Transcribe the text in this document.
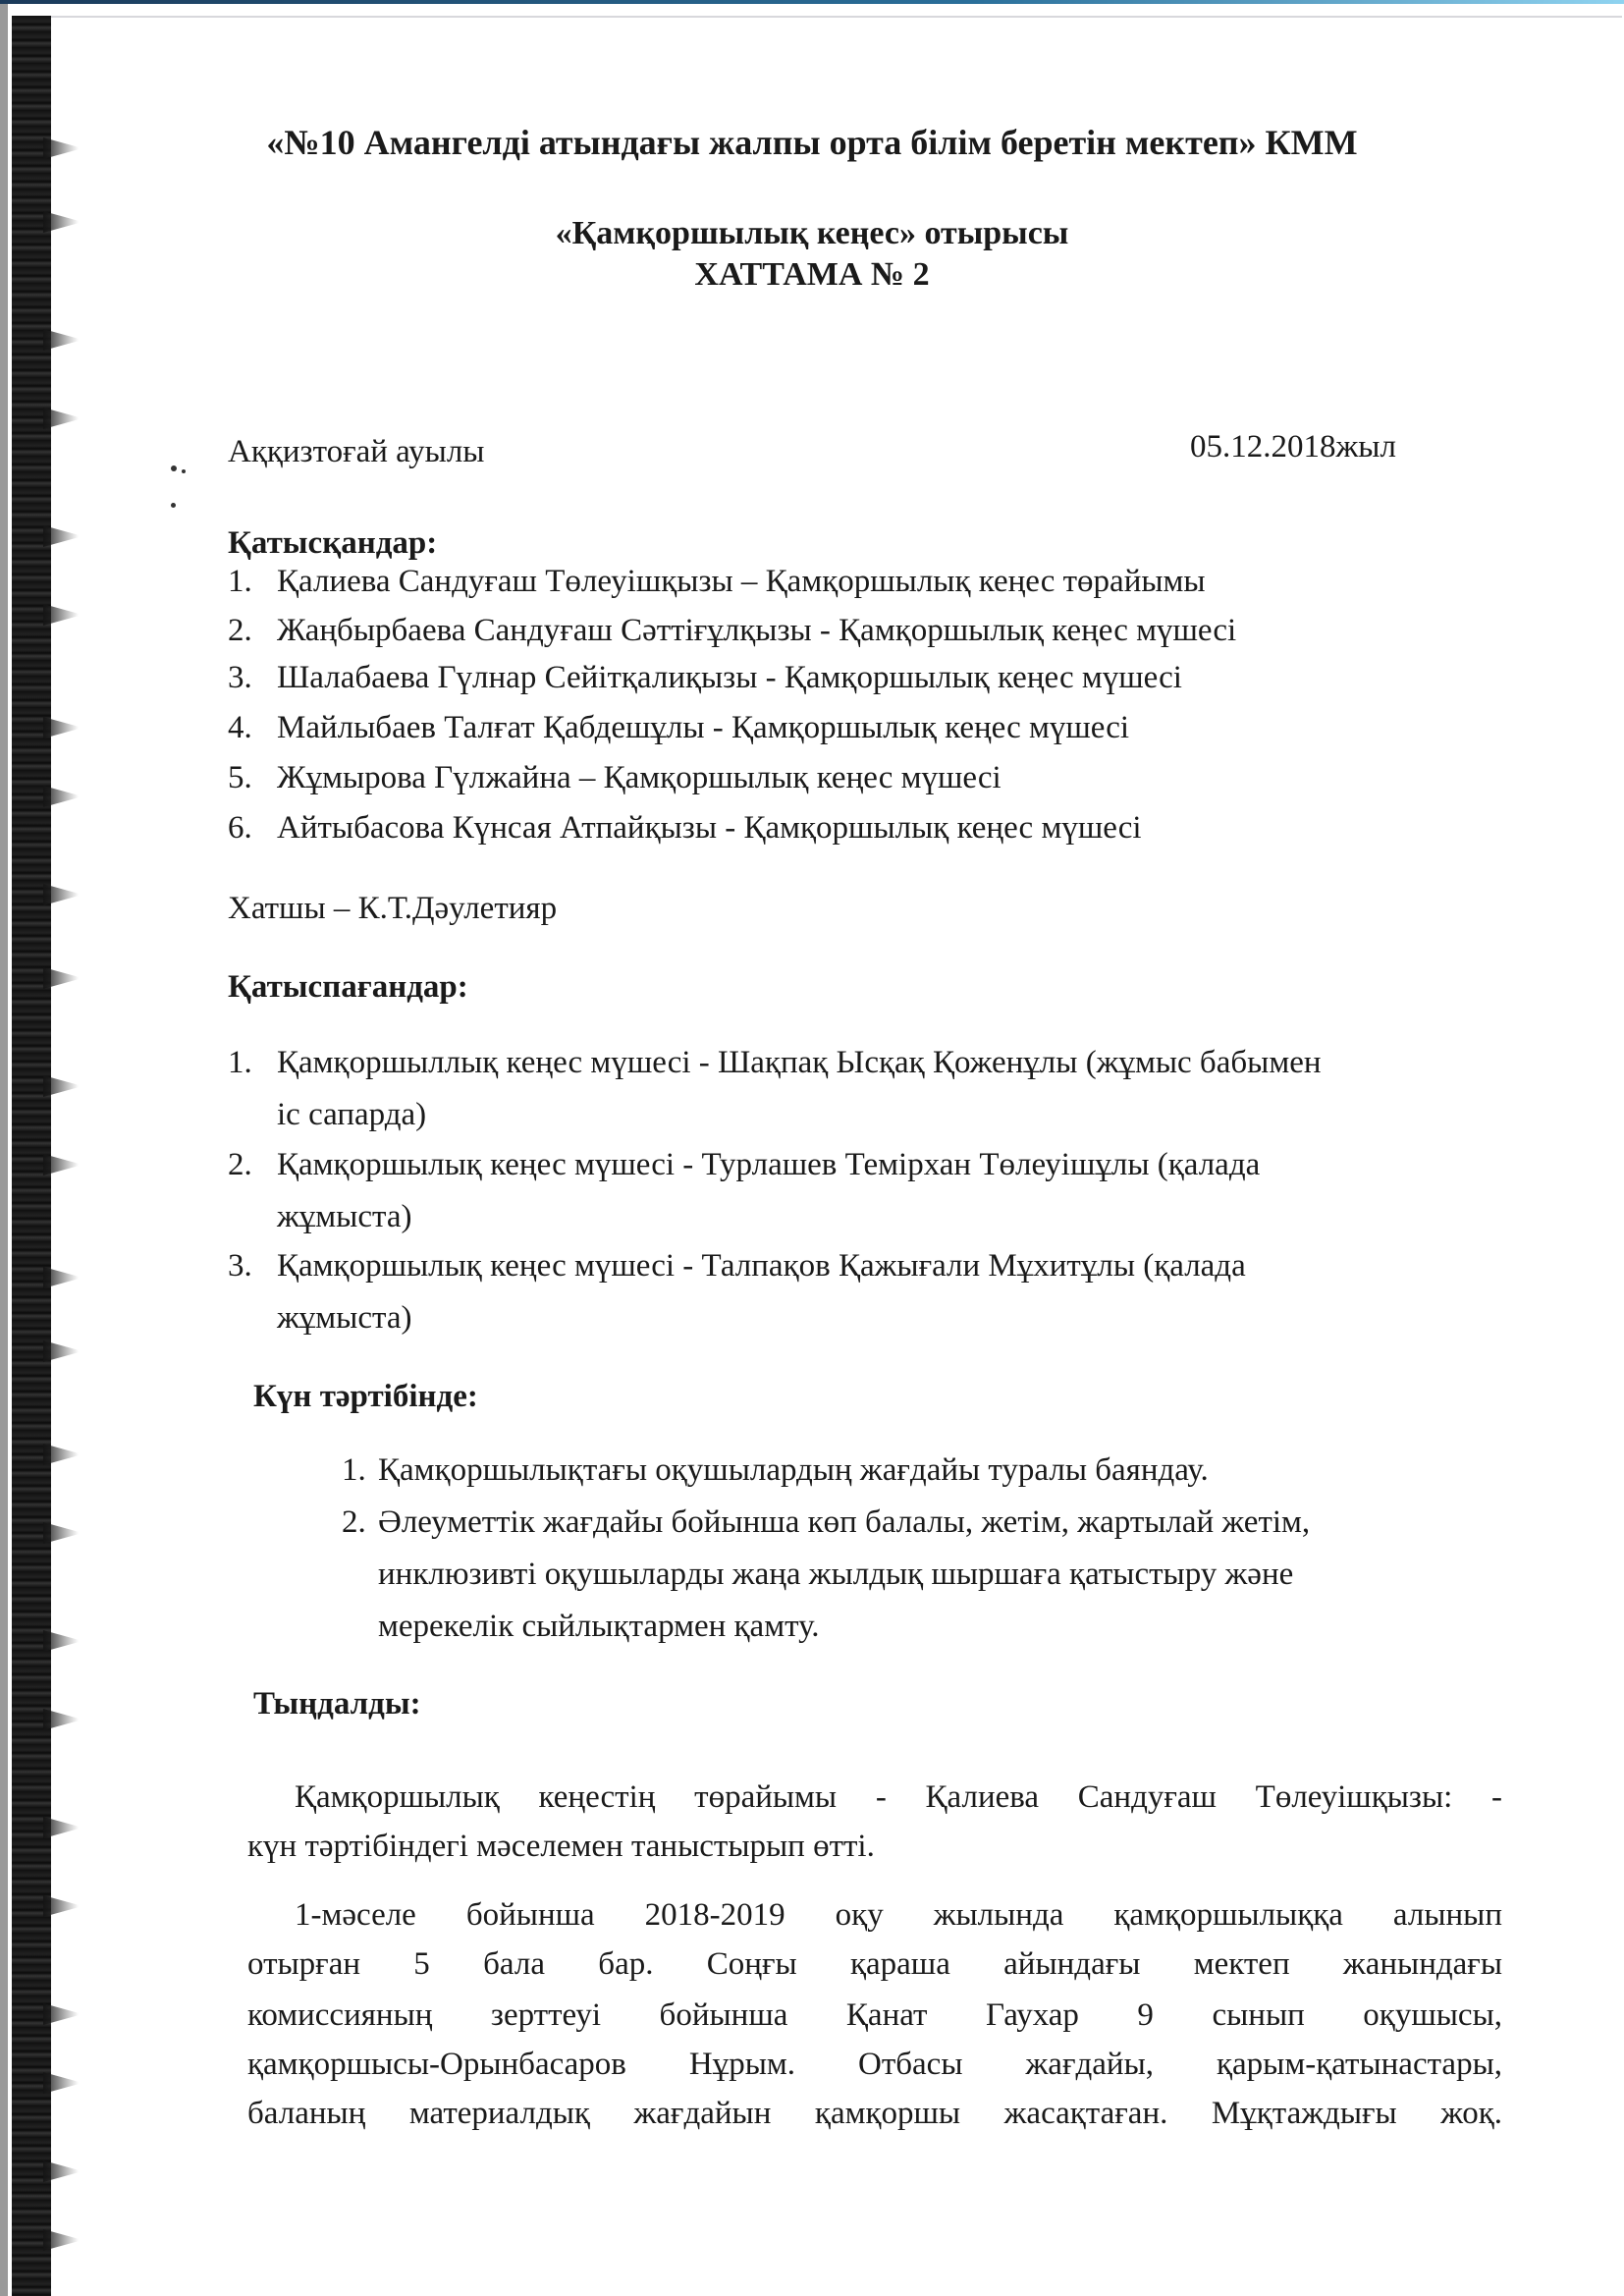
«№10 Амангелді атындағы жалпы орта білім беретін мектеп» КММ
«Қамқоршылық кеңес» отырысы
ХАТТАМА № 2
Аққизтоғай ауылы	05.12.2018жыл
Қатысқандар:
Хатшы – К.Т.Дәулетияр
Қатыспағандар:
Күн тәртібінде:
Тыңдалды:
1. Қалиева Сандуғаш Төлеуішқызы – Қамқоршылық кеңес төрайымы
2. Жаңбырбаева Сандуғаш Сәттіғұлқызы - Қамқоршылық кеңес мүшесі
3. Шалабаева Гүлнар Сейітқалиқызы - Қамқоршылық кеңес мүшесі
4. Майлыбаев Талғат Қабдешұлы - Қамқоршылық кеңес мүшесі
5. Жұмырова Гүлжайна – Қамқоршылық кеңес мүшесі
6. Айтыбасова Күнсая Атпайқызы - Қамқоршылық кеңес мүшесі
1. Қамқоршыллық кеңес мүшесі - Шақпақ Ысқақ Қоженұлы (жұмыс бабымен
іс сапарда)
2. Қамқоршылық кеңес мүшесі - Турлашев Темірхан Төлеуішұлы (қалада
жұмыста)
3. Қамқоршылық кеңес мүшесі - Талпақов Қажығали Мұхитұлы (қалада
жұмыста)
1. Қамқоршылықтағы оқушылардың жағдайы туралы баяндау.
2. Әлеуметтік жағдайы бойынша көп балалы, жетім, жартылай жетім,
инклюзивті оқушыларды жаңа жылдық шыршаға қатыстыру және
мерекелік сыйлықтармен қамту.
Қамқоршылық кеңестің төрайымы - Қалиева Сандуғаш Төлеуішқызы: -
күн тәртібіндегі мәселемен таныстырып өтті.
1-мәселе бойынша 2018-2019 оқу жылында қамқоршылыққа алынып
отырған 5 бала бар. Соңғы қараша айындағы мектеп жанындағы
комиссияның зерттеуі бойынша Қанат Гаухар 9 сынып оқушысы,
қамқоршысы-Орынбасаров Нұрым. Отбасы жағдайы, қарым-қатынастары,
баланың материалдық жағдайын қамқоршы жасақтаған. Мұқтаждығы жоқ.
